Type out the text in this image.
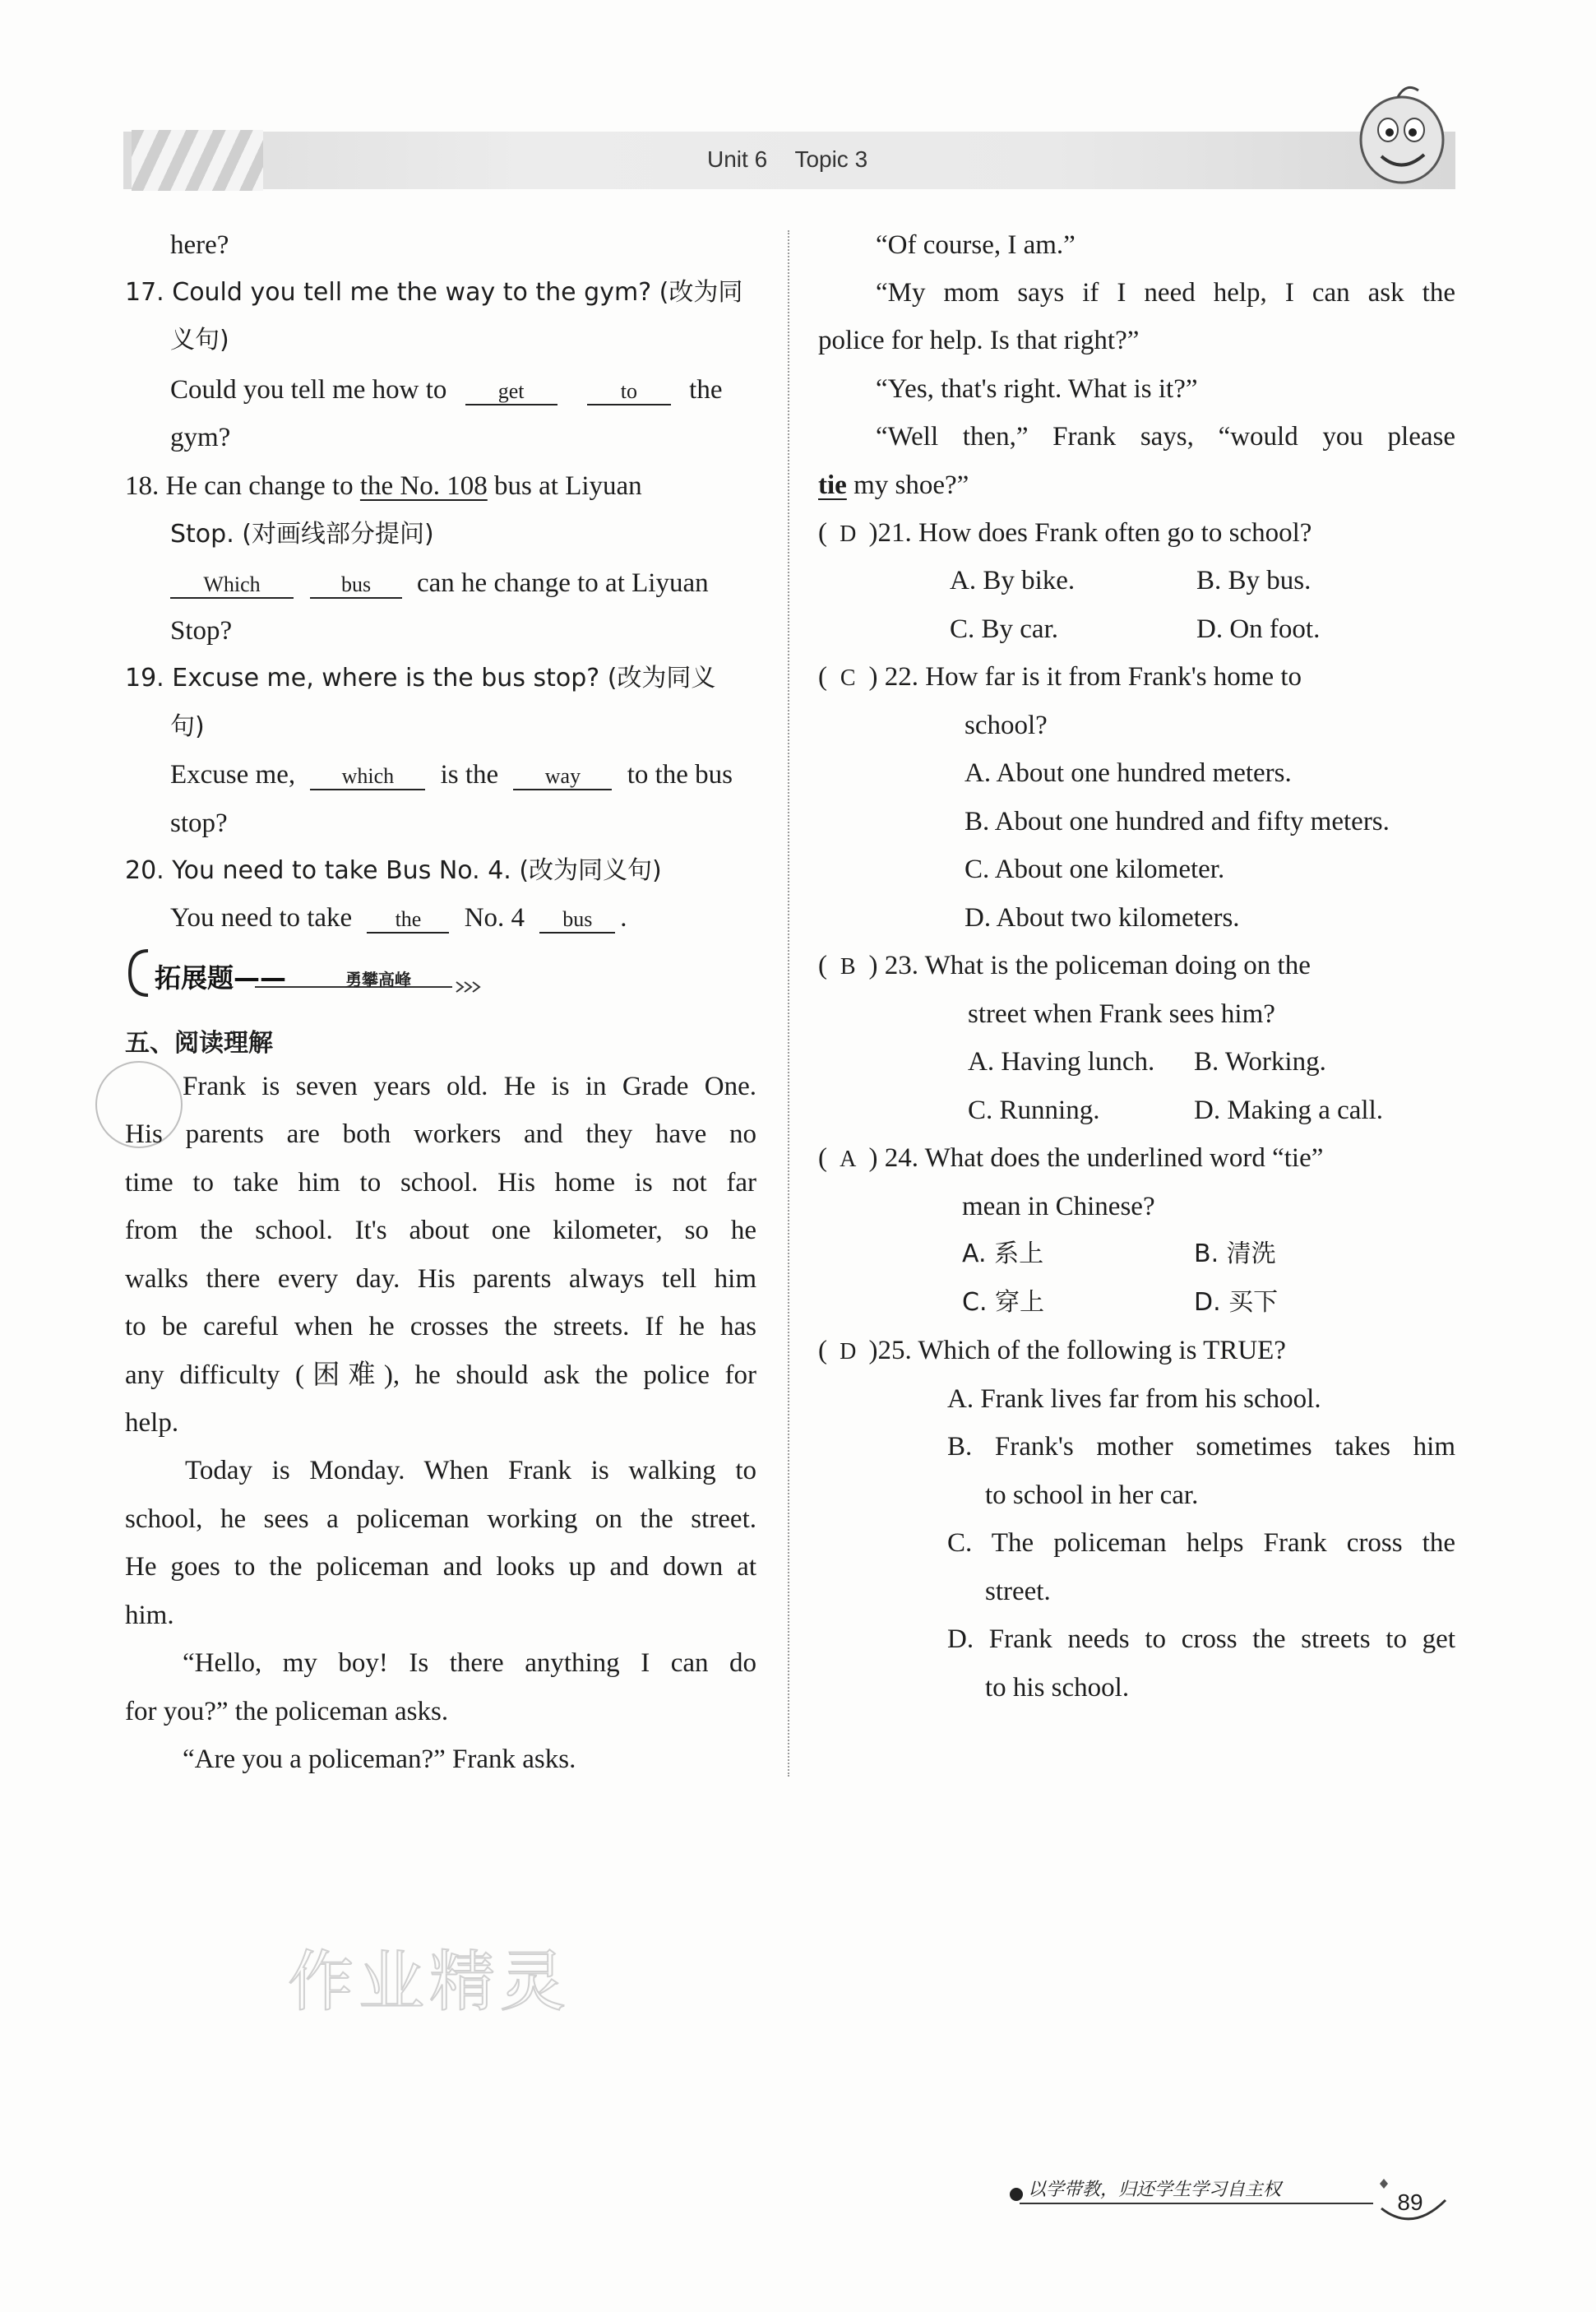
Unit 6 Topic 3
here?
17. Could you tell me the way to the gym? (改为同
义句)
Could you tell me how to get	to the
gym?
18. He can change to the No. 108 bus at Liyuan
Stop. (对画线部分提问)
Which	bus can he change to at Liyuan
Stop?
19. Excuse me, where is the bus stop? (改为同义
句)
Excuse me, which is the way to the bus
stop?
20. You need to take Bus No. 4. (改为同义句)
You need to take the No. 4 bus .
拓展题——	勇攀高峰
五、阅读理解
Frank is seven years old. He is in Grade One.
His parents are both workers and they have no
time to take him to school. His home is not far
from the school. It's about one kilometer, so he
walks there every day. His parents always tell him
to be careful when he crosses the streets. If he has
any difficulty (困难), he should ask the police for
help.
Today is Monday. When Frank is walking to
school, he sees a policeman working on the street.
He goes to the policeman and looks up and down at
him.
“Hello, my boy! Is there anything I can do
for you?” the policeman asks.
“Are you a policeman?” Frank asks.
“Of course, I am.”
“My mom says if I need help, I can ask the
police for help. Is that right?”
“Yes, that's right. What is it?”
“Well then,” Frank says, “would you please
tie my shoe?”
( D )21. How does Frank often go to school?
A. By bike.	B. By bus.
C. By car.	D. On foot.
( C ) 22. How far is it from Frank's home to
school?
A. About one hundred meters.
B. About one hundred and fifty meters.
C. About one kilometer.
D. About two kilometers.
( B ) 23. What is the policeman doing on the
street when Frank sees him?
A. Having lunch. B. Working.
C. Running.	D. Making a call.
( A ) 24. What does the underlined word “tie”
mean in Chinese?
A. 系上	B. 清洗
C. 穿上	D. 买下
( D )25. Which of the following is TRUE?
A. Frank lives far from his school.
B. Frank's mother sometimes takes him
to school in her car.
C. The policeman helps Frank cross the
street.
D. Frank needs to cross the streets to get
to his school.
作业精灵
以学带教，归还学生学习自主权	89
